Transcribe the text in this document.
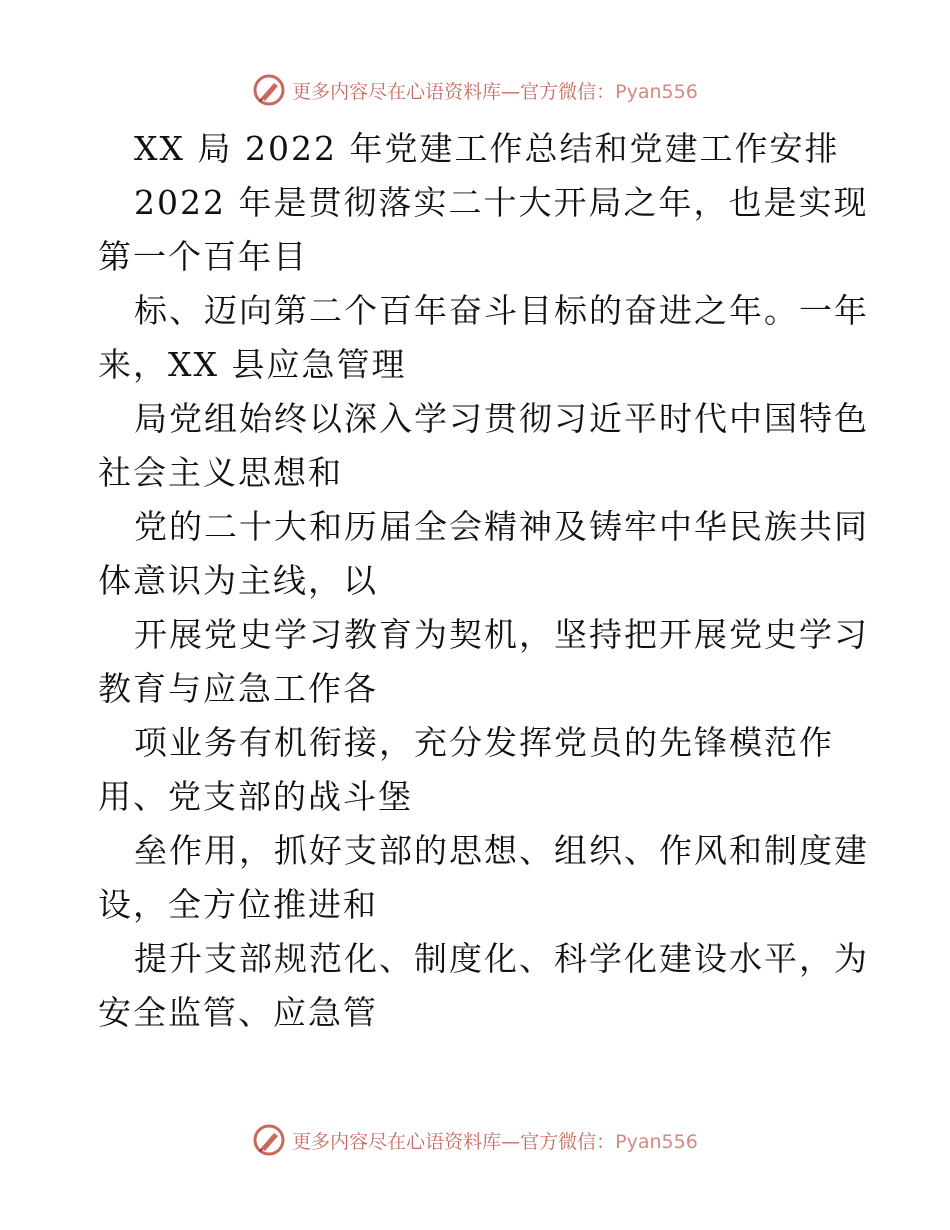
更多内容尽在心语资料库—官方微信：Pyan556
XX 局 2022 年党建工作总结和党建工作安排
2022 年是贯彻落实二十大开局之年，也是实现
第一个百年目
标、迈向第二个百年奋斗目标的奋进之年。一年
来，XX 县应急管理
局党组始终以深入学习贯彻习近平时代中国特色
社会主义思想和
党的二十大和历届全会精神及铸牢中华民族共同
体意识为主线，以
开展党史学习教育为契机，坚持把开展党史学习
教育与应急工作各
项业务有机衔接，充分发挥党员的先锋模范作
用、党支部的战斗堡
垒作用，抓好支部的思想、组织、作风和制度建
设，全方位推进和
提升支部规范化、制度化、科学化建设水平，为
安全监管、应急管
更多内容尽在心语资料库—官方微信：Pyan556
